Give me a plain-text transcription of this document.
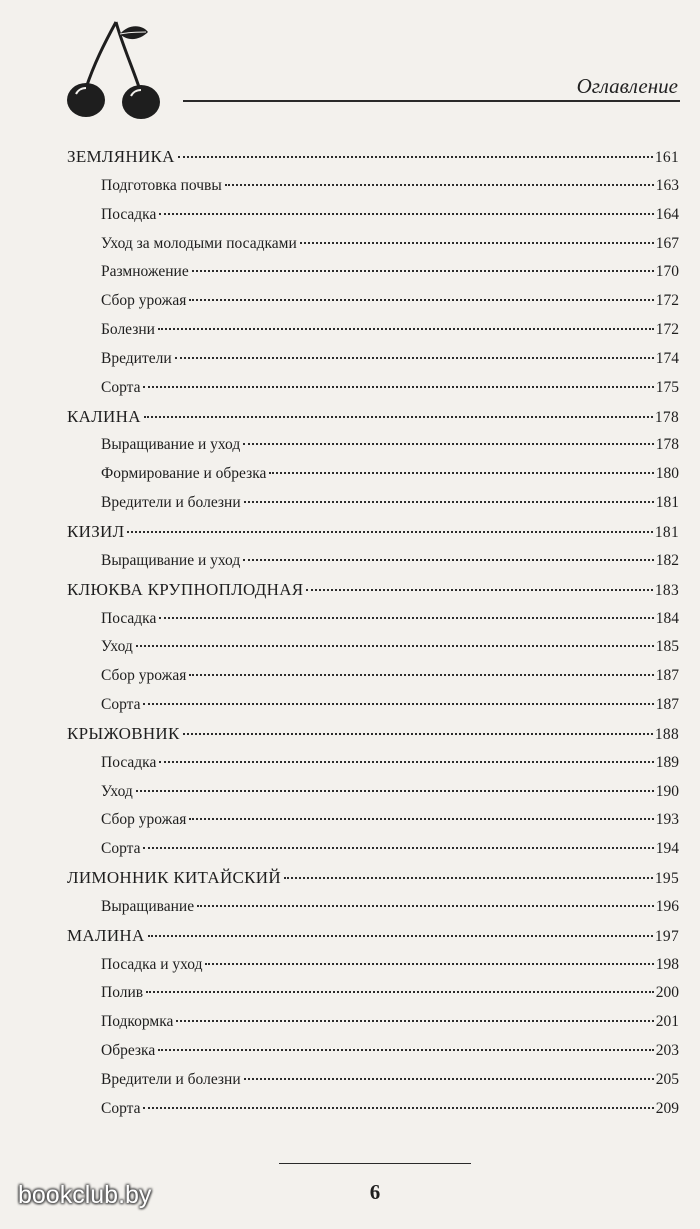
Оглавление
ЗЕМЛЯНИКА	161
Подготовка почвы	163
Посадка	164
Уход за молодыми посадками	167
Размножение	170
Сбор урожая	172
Болезни	172
Вредители	174
Сорта	175
КАЛИНА	178
Выращивание и уход	178
Формирование и обрезка	180
Вредители и болезни	181
КИЗИЛ	181
Выращивание и уход	182
КЛЮКВА КРУПНОПЛОДНАЯ	183
Посадка	184
Уход	185
Сбор урожая	187
Сорта	187
КРЫЖОВНИК	188
Посадка	189
Уход	190
Сбор урожая	193
Сорта	194
ЛИМОННИК КИТАЙСКИЙ	195
Выращивание	196
МАЛИНА	197
Посадка и уход	198
Полив	200
Подкормка	201
Обрезка	203
Вредители и болезни	205
Сорта	209
6
bookclub.by
